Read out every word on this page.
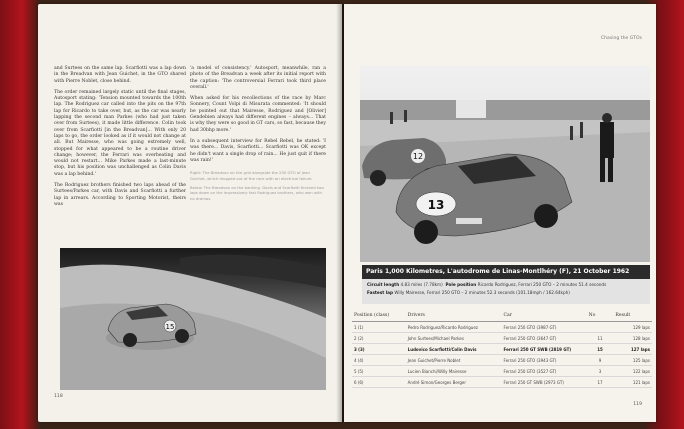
and Surtees on the same lap. Scarfiotti was a lap down in the Breadvan with Jean Guichet, in the GTO shared with Pierre Noblet, close behind.

The order remained largely static until the final stages, Autosport stating: 'Tension mounted towards the 100th lap. The Rodriguez car called into the pits on the 97th lap for Ricardo to take over, but, as the car was nearly lapping the second man Parkes (who had just taken over from Surtees), it made little difference. Colin took over from Scarfiotti [in the Breadvan]... With only 20 laps to go, the order looked as if it would not change at all. But Mairesse, who was going extremely well, stopped for what appeared to be a routine driver change; however, the Ferrari was overheating and would not restart... Mike Parkes made a last-minute stop, but his position was unchallenged as Colin Davis was a lap behind.'

The Rodriguez brothers finished two laps ahead of the Surtees/Parkes car, with Davis and Scarfiotti a further lap in arrears. According to Sporting Motorist, theirs was

'a model of consistency.' Autosport, meanwhile, ran a photo of the Breadvan a week after its initial report with the caption: 'The controversial Ferrari took third place overall.'

When asked for his recollections of the race by Marc Sonnery, Count Volpi di Misurata commented: 'It should be pointed out that Mairesse, Rodriguez and [Olivier] Gendebien always had different engines – always... That is why they were so good in GT cars, so fast, because they had 30bhp more.'

In a subsequent interview for Rebel Rebel, he stated: 'I was there... Davis, Scarfiotti... Scarfiotti was OK except he didn't want a single drop of rain... He just quit if there was rain!'

Right: The Breadvan on the grid alongside the 250 GTO of Jean Guichet, which dropped out of the race with an electrical failure.
Below: The Breadvan on the banking. Davis and Scarfiotti finished two laps down on the impressively fast Rodriguez brothers, who won with no dramas.
15
118
Chasing the GTOs
12
13
Paris 1,000 Kilometres, L'autodrome de Linas-Montlhéry (F), 21 October 1962
Circuit length 4.83 miles (7.78km) Pole position Ricardo Rodriguez, Ferrari 250 GTO – 2 minutes 51.4 seconds
Fastest lap Willy Mairesse, Ferrari 250 GTO – 2 minutes 52.3 seconds (101.18mph / 162.64kph)
Position (class)	Drivers	Car	No	Result
1 (1)	Pedro Rodriguez/Ricardo Rodriguez	Ferrari 250 GTO (3987 GT)		129 laps
2 (2)	John Surtees/Michael Parkes	Ferrari 250 GTO (3647 GT)	11	128 laps
3 (3)	Ludovico Scarfiotti/Colin Davis	Ferrari 250 GT SWB (2819 GT)	15	127 laps
4 (4)	Jean Guichet/Pierre Noblet	Ferrari 250 GTO (3943 GT)	9	125 laps
5 (5)	Lucien Bianchi/Willy Mairesse	Ferrari 250 GTO (3527 GT)	3	122 laps
6 (6)	André Simon/Georges Berger	Ferrari 250 GT SWB (2973 GT)	17	121 laps
119
